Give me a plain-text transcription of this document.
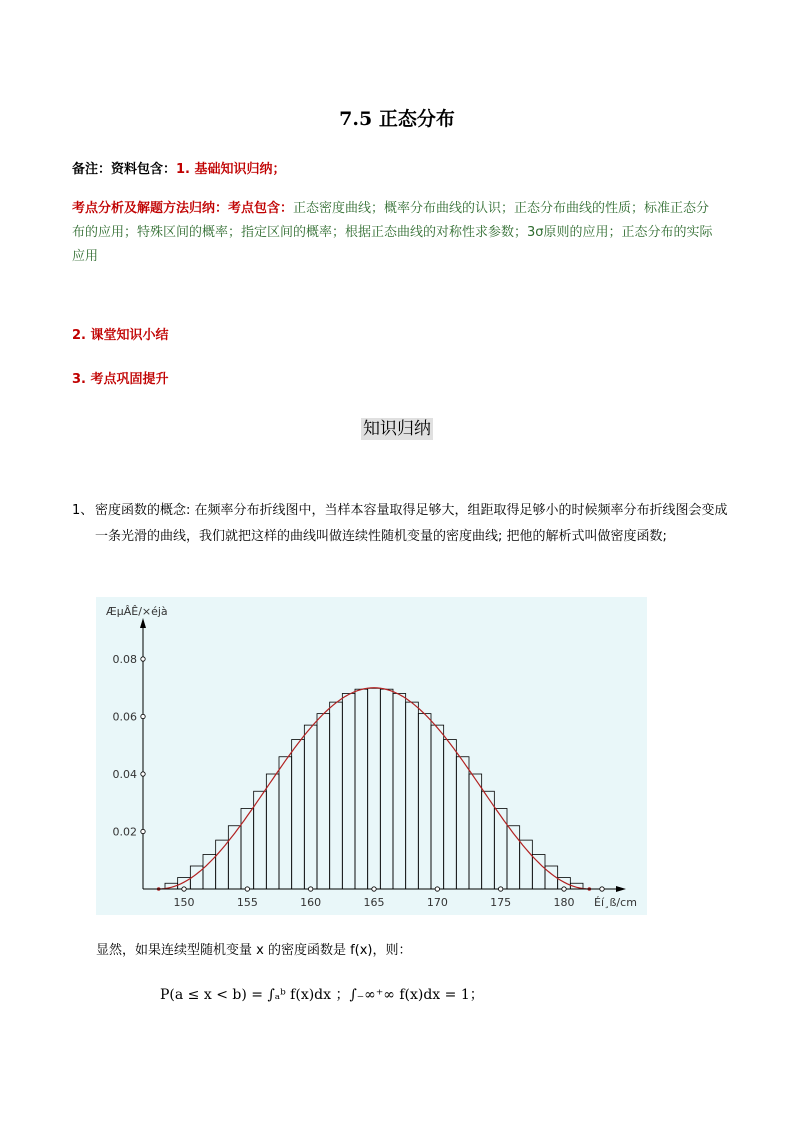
7.5 正态分布
备注：资料包含：1. 基础知识归纳；
考点分析及解题方法归纳：考点包含：正态密度曲线；概率分布曲线的认识；正态分布曲线的性质；标准正态分布的应用；特殊区间的概率；指定区间的概率；根据正态曲线的对称性求参数；3σ原则的应用；正态分布的实际应用
2. 课堂知识小结
3. 考点巩固提升
知识归纳
1、 密度函数的概念: 在频率分布折线图中，当样本容量取得足够大，组距取得足够小的时候频率分布折线图会变成一条光滑的曲线，我们就把这样的曲线叫做连续性随机变量的密度曲线; 把他的解析式叫做密度函数;
0.08
0.06
0.04
0.02
150	155	160	165	170	175	180
ÆµÂÊ/×éjà
Éí¸ß/cm
显然，如果连续型随机变量 x 的密度函数是 f(x)，则：
P(a ≤ x < b) = ∫ₐᵇ f(x)dx ；∫₋∞⁺∞ f(x)dx = 1；
